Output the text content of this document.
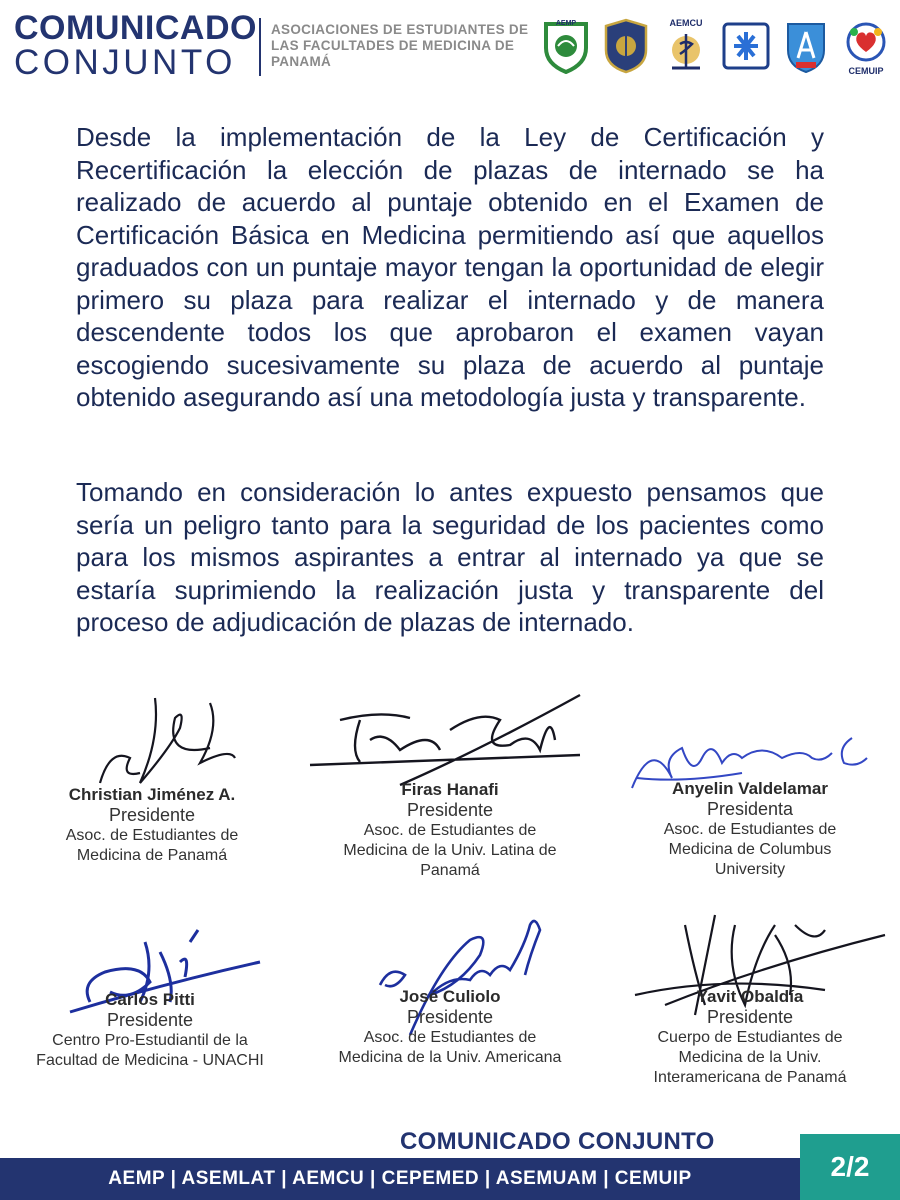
COMUNICADO
CONJUNTO
ASOCIACIONES DE ESTUDIANTES DE LAS FACULTADES DE MEDICINA DE PANAMÁ
AEMP	AEMCU
CEMUIP
Desde la implementación de la Ley de Certificación y Recertificación la elección de plazas de internado se ha realizado de acuerdo al puntaje obtenido en el Examen de Certificación Básica en Medicina permitiendo así que aquellos graduados con un puntaje mayor tengan la oportunidad de elegir primero su plaza para realizar el internado y de manera descendente todos los que aprobaron el examen vayan escogiendo sucesivamente su plaza de acuerdo al puntaje obtenido asegurando así una metodología justa y transparente.
Tomando en consideración lo antes expuesto pensamos que sería un peligro tanto para la seguridad de los pacientes como para los mismos aspirantes a entrar al internado ya que se estaría suprimiendo la realización justa y transparente del proceso de adjudicación de plazas de internado.
Christian Jiménez A.
Presidente
Asoc. de Estudiantes de
Medicina de Panamá
Firas Hanafi
Presidente
Asoc. de Estudiantes de
Medicina de la Univ. Latina de
Panamá
Anyelin Valdelamar
Presidenta
Asoc. de Estudiantes de
Medicina de Columbus
University
Carlos Pitti
Presidente
Centro Pro-Estudiantil de la
Facultad de Medicina - UNACHI
José Culiolo
Presidente
Asoc. de Estudiantes de
Medicina de la Univ. Americana
Yavit Obaldía
Presidente
Cuerpo de Estudiantes de
Medicina de la Univ.
Interamericana de Panamá
COMUNICADO CONJUNTO
AEMP | ASEMLAT | AEMCU | CEPEMED | ASEMUAM | CEMUIP	2/2
